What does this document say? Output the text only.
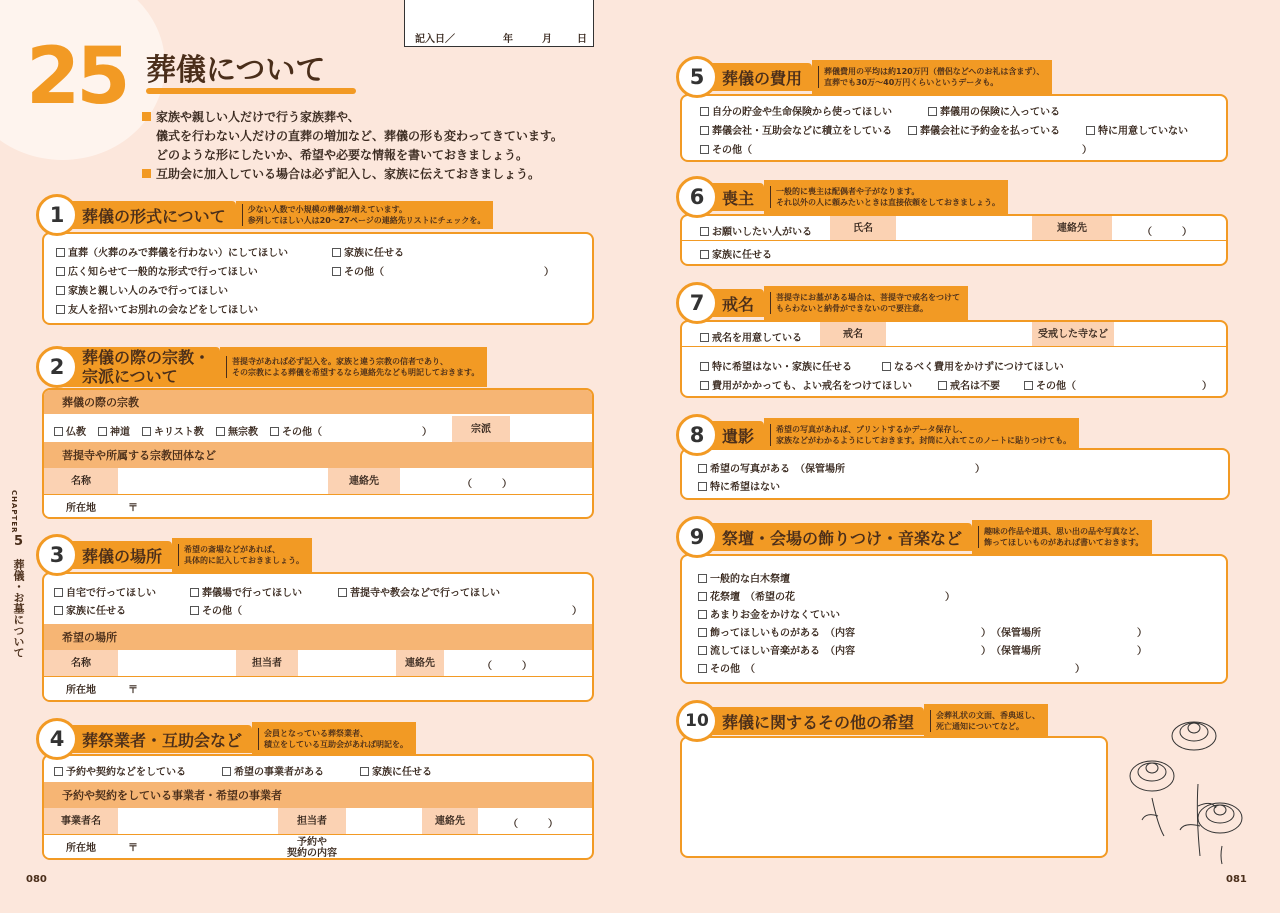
25 葬儀について
家族や親しい人だけで行う家族葬や、
儀式を行わない人だけの直葬の増加など、葬儀の形も変わってきています。
どのような形にしたいか、希望や必要な情報を書いておきましょう。
互助会に加入している場合は必ず記入し、家族に伝えておきましょう。
記入日／	年	月	日
CHAPTER
5
葬儀・お墓について
080	081
1	葬儀の形式について	少ない人数で小規模の葬儀が増えています。
参列してほしい人は20〜27ページの連絡先リストにチェックを。
直葬（火葬のみで葬儀を行わない）にしてほしい
広く知らせて一般的な形式で行ってほしい
家族と親しい人のみで行ってほしい
友人を招いてお別れの会などをしてほしい
家族に任せる
その他（	）
2	葬儀の際の宗教・
宗派について
菩提寺があれば必ず記入を。家族と違う宗教の信者であり、
その宗教による葬儀を希望するなら連絡先なども明記しておきます。
葬儀の際の宗教
仏教	神道	キリスト教	無宗教	その他（	）	宗派
菩提寺や所属する宗教団体など
名称	連絡先	（　　　）
所在地	〒
3	葬儀の場所	希望の斎場などがあれば、
具体的に記入しておきましょう。
自宅で行ってほしい	葬儀場で行ってほしい	菩提寺や教会などで行ってほしい
家族に任せる	その他（	）
希望の場所
名称	担当者	連絡先	（　　　）
所在地	〒
4	葬祭業者・互助会など	会員となっている葬祭業者、
積立をしている互助会があれば明記を。
予約や契約などをしている	希望の事業者がある	家族に任せる
予約や契約をしている事業者・希望の事業者
事業者名	担当者	連絡先	（　　　）
所在地	〒
予約や
契約の内容
5	葬儀の費用	葬儀費用の平均は約120万円（僧侶などへのお礼は含まず）、
直葬でも30万〜40万円くらいというデータも。
自分の貯金や生命保険から使ってほしい	葬儀用の保険に入っている
葬儀会社・互助会などに積立をしている	葬儀会社に予約金を払っている	特に用意していない
その他（	）
6	喪主	一般的に喪主は配偶者や子がなります。
それ以外の人に頼みたいときは直接依頼をしておきましょう。
お願いしたい人がいる	氏名	連絡先	（　　　）
家族に任せる
7	戒名	菩提寺にお墓がある場合は、菩提寺で戒名をつけて
もらわないと納骨ができないので要注意。
戒名を用意している	戒名	受戒した寺など
特に希望はない・家族に任せる	なるべく費用をかけずにつけてほしい
費用がかかっても、よい戒名をつけてほしい	戒名は不要	その他（	）
8	遺影	希望の写真があれば、プリントするかデータ保存し、
家族などがわかるようにしておきます。封筒に入れてこのノートに貼りつけても。
希望の写真がある　（保管場所	）
特に希望はない
9	祭壇・会場の飾りつけ・音楽など	趣味の作品や道具、思い出の品や写真など、
飾ってほしいものがあれば書いておきます。
一般的な白木祭壇
花祭壇　（希望の花	）
あまりお金をかけなくていい
飾ってほしいものがある　（内容	）　（保管場所	）
流してほしい音楽がある　（内容	）　（保管場所	）
その他　（	）
10 葬儀に関するその他の希望	会葬礼状の文面、香典返し、
死亡通知についてなど。
